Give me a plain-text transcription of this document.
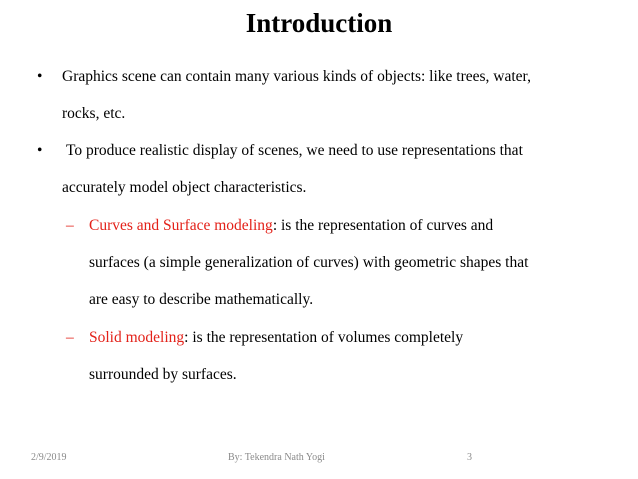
Introduction
• Graphics scene can contain many various kinds of objects: like trees, water,
rocks, etc.
• To produce realistic display of scenes, we need to use representations that
accurately model object characteristics.
– Curves and Surface modeling: is the representation of curves and
surfaces (a simple generalization of curves) with geometric shapes that
are easy to describe mathematically.
– Solid modeling: is the representation of volumes completely
surrounded by surfaces.
2/9/2019	By: Tekendra Nath Yogi	3
